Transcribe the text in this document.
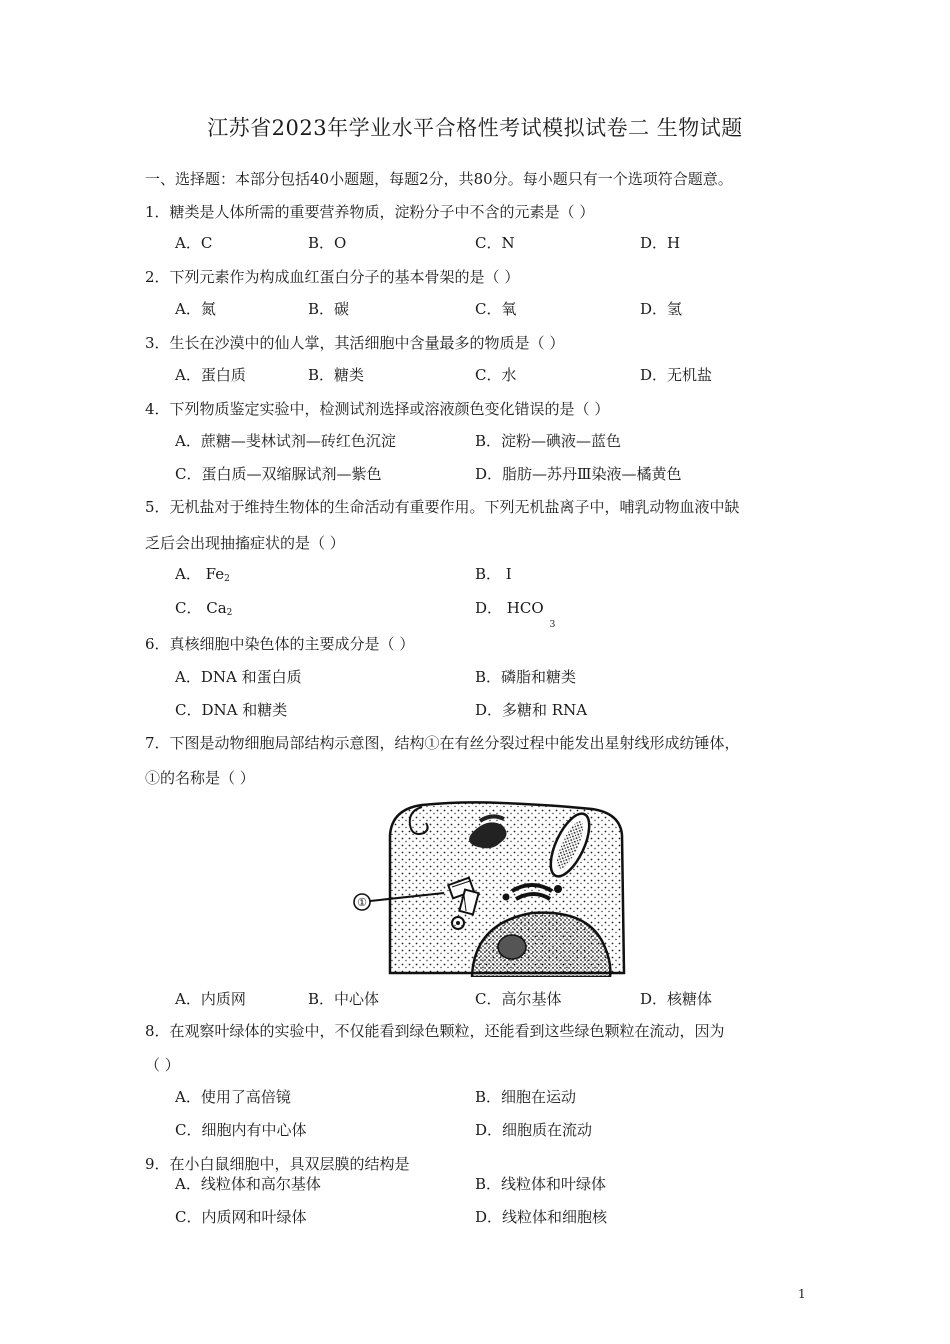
江苏省2023年学业水平合格性考试模拟试卷二 生物试题
一、选择题：本部分包括40小题题，每题2分，共80分。每小题只有一个选项符合题意。
1．糖类是人体所需的重要营养物质，淀粉分子中不含的元素是（ ）
A．C	B．O	C．N	D．H
2．下列元素作为构成血红蛋白分子的基本骨架的是（ ）
A．氮	B．碳	C．氧	D．氢
3．生长在沙漠中的仙人掌，其活细胞中含量最多的物质是（ ）
A．蛋白质	B．糖类	C．水	D．无机盐
4．下列物质鉴定实验中，检测试剂选择或溶液颜色变化错误的是（ ）
A．蔗糖—斐林试剂—砖红色沉淀	B．淀粉—碘液—蓝色
C．蛋白质—双缩脲试剂—紫色	D．脂肪—苏丹Ⅲ染液—橘黄色
5．无机盐对于维持生物体的生命活动有重要作用。下列无机盐离子中，哺乳动物血液中缺
乏后会出现抽搐症状的是（ ）
A． Fe2	B． I
C． Ca2	D． $HCO_3$
6．真核细胞中染色体的主要成分是（ ）
A．DNA 和蛋白质	B．磷脂和糖类
C．DNA 和糖类	D．多糖和 RNA
7．下图是动物细胞局部结构示意图，结构①在有丝分裂过程中能发出星射线形成纺锤体，
①的名称是（ ）
①
A．内质网	B．中心体	C．高尔基体	D．核糖体
8．在观察叶绿体的实验中，不仅能看到绿色颗粒，还能看到这些绿色颗粒在流动，因为
（ ）
A．使用了高倍镜	B．细胞在运动
C．细胞内有中心体	D．细胞质在流动
9．在小白鼠细胞中，具双层膜的结构是
A．线粒体和高尔基体	B．线粒体和叶绿体
C．内质网和叶绿体	D．线粒体和细胞核
1
